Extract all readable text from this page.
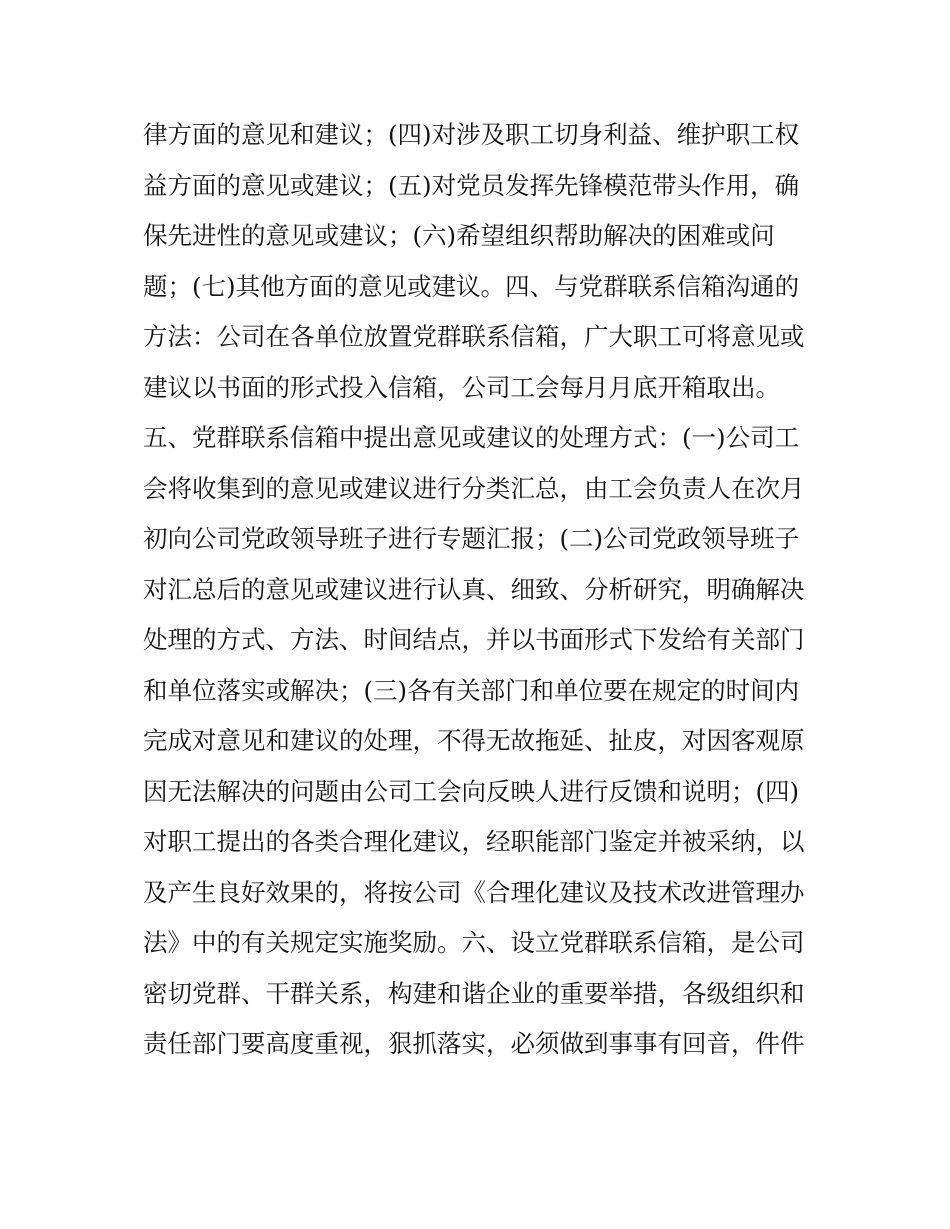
律方面的意见和建议；(四)对涉及职工切身利益、维护职工权
益方面的意见或建议；(五)对党员发挥先锋模范带头作用，确
保先进性的意见或建议；(六)希望组织帮助解决的困难或问
题；(七)其他方面的意见或建议。四、与党群联系信箱沟通的
方法：公司在各单位放置党群联系信箱，广大职工可将意见或
建议以书面的形式投入信箱，公司工会每月月底开箱取出。
五、党群联系信箱中提出意见或建议的处理方式：(一)公司工
会将收集到的意见或建议进行分类汇总，由工会负责人在次月
初向公司党政领导班子进行专题汇报；(二)公司党政领导班子
对汇总后的意见或建议进行认真、细致、分析研究，明确解决
处理的方式、方法、时间结点，并以书面形式下发给有关部门
和单位落实或解决；(三)各有关部门和单位要在规定的时间内
完成对意见和建议的处理，不得无故拖延、扯皮，对因客观原
因无法解决的问题由公司工会向反映人进行反馈和说明；(四)
对职工提出的各类合理化建议，经职能部门鉴定并被采纳，以
及产生良好效果的，将按公司《合理化建议及技术改进管理办
法》中的有关规定实施奖励。六、设立党群联系信箱，是公司
密切党群、干群关系，构建和谐企业的重要举措，各级组织和
责任部门要高度重视，狠抓落实，必须做到事事有回音，件件
